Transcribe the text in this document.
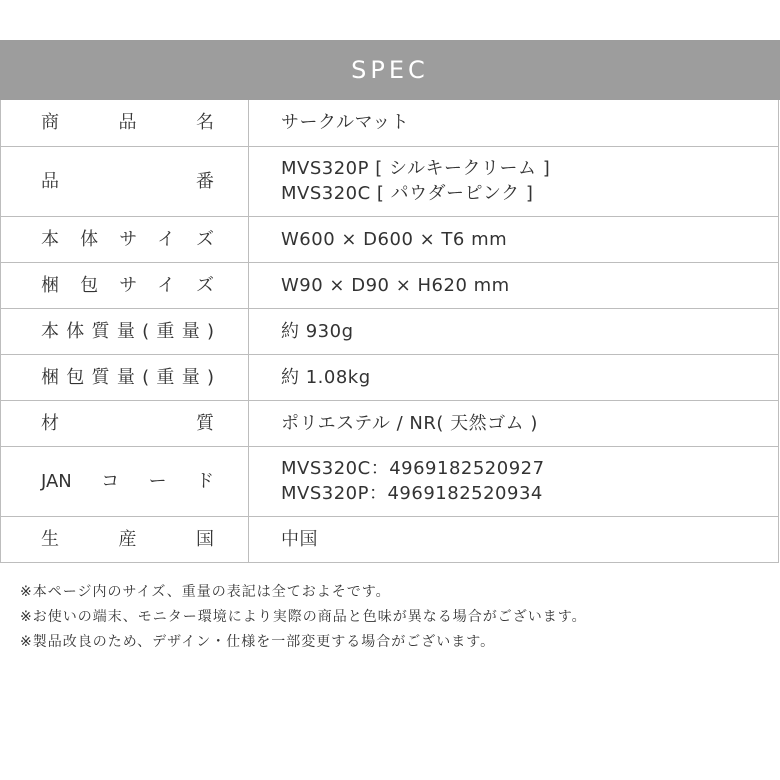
SPEC
商品名	サークルマット

品番	MVS320P [ シルキークリーム ]
MVS320C [ パウダーピンク ]

本体サイズ	W600 × D600 × T6 mm

梱包サイズ	W90 × D90 × H620 mm

本体質量(重量)	約 930g

梱包質量(重量)	約 1.08kg

材質	ポリエステル / NR( 天然ゴム )

JANコード	MVS320C：4969182520927
MVS320P：4969182520934

生産国	中国
※本ページ内のサイズ、重量の表記は全ておよそです。
※お使いの端末、モニター環境により実際の商品と色味が異なる場合がございます。
※製品改良のため、デザイン・仕様を一部変更する場合がございます。
